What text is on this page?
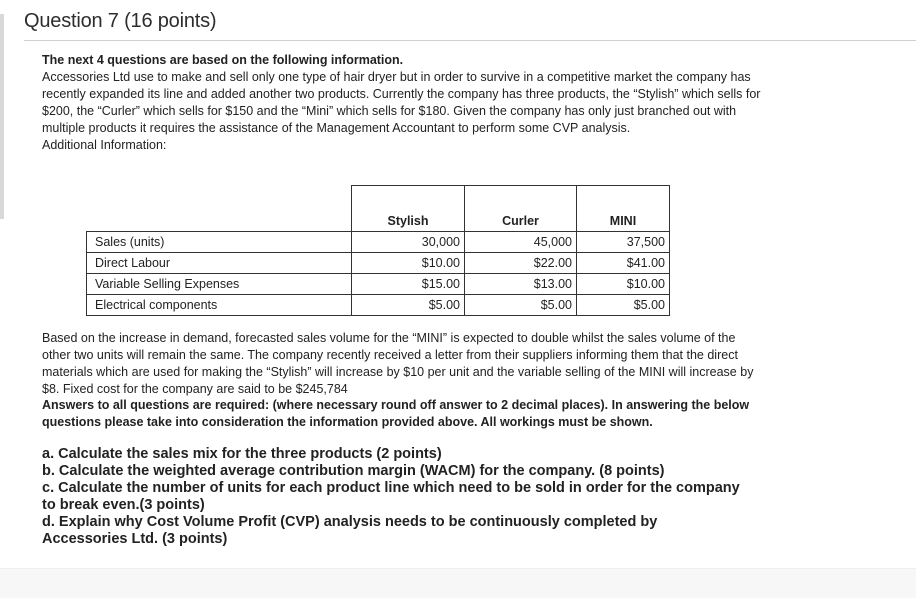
Question 7 (16 points)
The next 4 questions are based on the following information.
Accessories Ltd use to make and sell only one type of hair dryer but in order to survive in a competitive market the company has recently expanded its line and added another two products. Currently the company has three products, the “Stylish” which sells for $200, the “Curler” which sells for $150 and the “Mini” which sells for $180. Given the company has only just branched out with multiple products it requires the assistance of the Management Accountant to perform some CVP analysis.
Additional Information:
	Stylish	Curler	MINI
Sales (units)	30,000	45,000	37,500
Direct Labour	$10.00	$22.00	$41.00
Variable Selling Expenses	$15.00	$13.00	$10.00
Electrical components	$5.00	$5.00	$5.00
Based on the increase in demand, forecasted sales volume for the “MINI” is expected to double whilst the sales volume of the other two units will remain the same. The company recently received a letter from their suppliers informing them that the direct materials which are used for making the “Stylish” will increase by $10 per unit and the variable selling of the MINI will increase by $8. Fixed cost for the company are said to be $245,784
Answers to all questions are required: (where necessary round off answer to 2 decimal places). In answering the below questions please take into consideration the information provided above. All workings must be shown.
a. Calculate the sales mix for the three products (2 points)
b. Calculate the weighted average contribution margin (WACM) for the company. (8 points)
c. Calculate the number of units for each product line which need to be sold in order for the company to break even.(3 points)
d. Explain why Cost Volume Profit (CVP) analysis needs to be continuously completed by Accessories Ltd. (3 points)
